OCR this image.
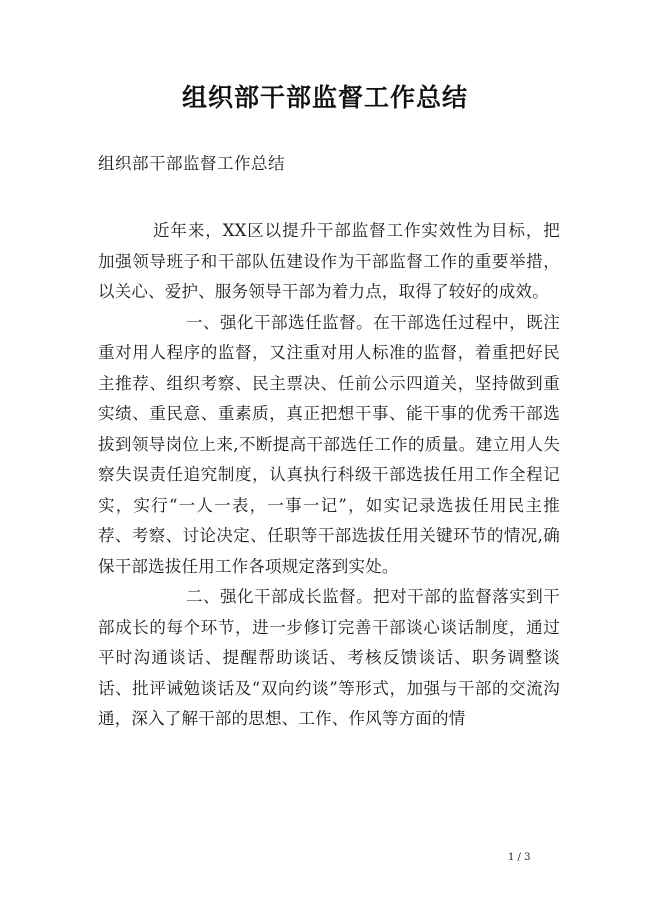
组织部干部监督工作总结
组织部干部监督工作总结

近年来，XX区以提升干部监督工作实效性为目标，把加强领导班子和干部队伍建设作为干部监督工作的重要举措，以关心、爱护、服务领导干部为着力点，取得了较好的成效。

一、强化干部选任监督。在干部选任过程中，既注重对用人程序的监督，又注重对用人标准的监督，着重把好民主推荐、组织考察、民主票决、任前公示四道关，坚持做到重实绩、重民意、重素质，真正把想干事、能干事的优秀干部选拔到领导岗位上来,不断提高干部选任工作的质量。建立用人失察失误责任追究制度，认真执行科级干部选拔任用工作全程记实，实行“一人一表，一事一记”，如实记录选拔任用民主推荐、考察、讨论决定、任职等干部选拔任用关键环节的情况,确保干部选拔任用工作各项规定落到实处。

二、强化干部成长监督。把对干部的监督落实到干部成长的每个环节，进一步修订完善干部谈心谈话制度，通过平时沟通谈话、提醒帮助谈话、考核反馈谈话、职务调整谈话、批评诫勉谈话及“双向约谈”等形式，加强与干部的交流沟通，深入了解干部的思想、工作、作风等方面的情

1 / 3
